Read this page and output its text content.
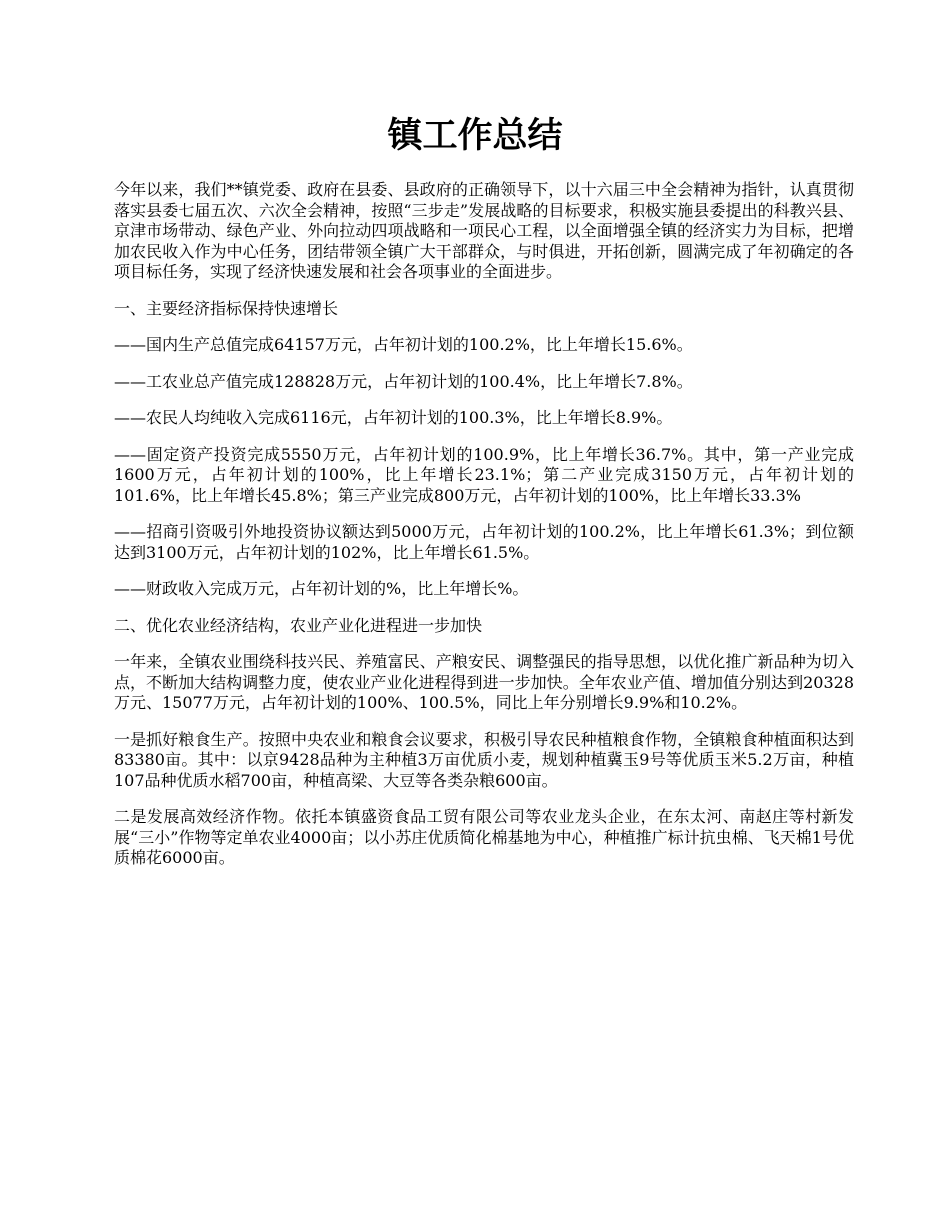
镇工作总结

今年以来，我们**镇党委、政府在县委、县政府的正确领导下，以十六届三中全会精神为指针，认真贯彻落实县委七届五次、六次全会精神，按照“三步走”发展战略的目标要求，积极实施县委提出的科教兴县、京津市场带动、绿色产业、外向拉动四项战略和一项民心工程，以全面增强全镇的经济实力为目标，把增加农民收入作为中心任务，团结带领全镇广大干部群众，与时俱进，开拓创新，圆满完成了年初确定的各项目标任务，实现了经济快速发展和社会各项事业的全面进步。

一、主要经济指标保持快速增长

——国内生产总值完成64157万元，占年初计划的100.2%，比上年增长15.6%。

——工农业总产值完成128828万元，占年初计划的100.4%，比上年增长7.8%。

——农民人均纯收入完成6116元，占年初计划的100.3%，比上年增长8.9%。

——固定资产投资完成5550万元，占年初计划的100.9%，比上年增长36.7%。其中，第一产业完成1600万元，占年初计划的100%，比上年增长23.1%；第二产业完成3150万元，占年初计划的101.6%，比上年增长45.8%；第三产业完成800万元，占年初计划的100%，比上年增长33.3%

——招商引资吸引外地投资协议额达到5000万元，占年初计划的100.2%，比上年增长61.3%；到位额达到3100万元，占年初计划的102%，比上年增长61.5%。

——财政收入完成万元，占年初计划的%，比上年增长%。

二、优化农业经济结构，农业产业化进程进一步加快

一年来，全镇农业围绕科技兴民、养殖富民、产粮安民、调整强民的指导思想，以优化推广新品种为切入点，不断加大结构调整力度，使农业产业化进程得到进一步加快。全年农业产值、增加值分别达到20328万元、15077万元，占年初计划的100%、100.5%，同比上年分别增长9.9%和10.2%。

一是抓好粮食生产。按照中央农业和粮食会议要求，积极引导农民种植粮食作物，全镇粮食种植面积达到83380亩。其中：以京9428品种为主种植3万亩优质小麦，规划种植冀玉9号等优质玉米5.2万亩，种植107品种优质水稻700亩，种植高梁、大豆等各类杂粮600亩。

二是发展高效经济作物。依托本镇盛资食品工贸有限公司等农业龙头企业，在东太河、南赵庄等村新发展“三小”作物等定单农业4000亩；以小苏庄优质简化棉基地为中心，种植推广标计抗虫棉、飞天棉1号优质棉花6000亩。
